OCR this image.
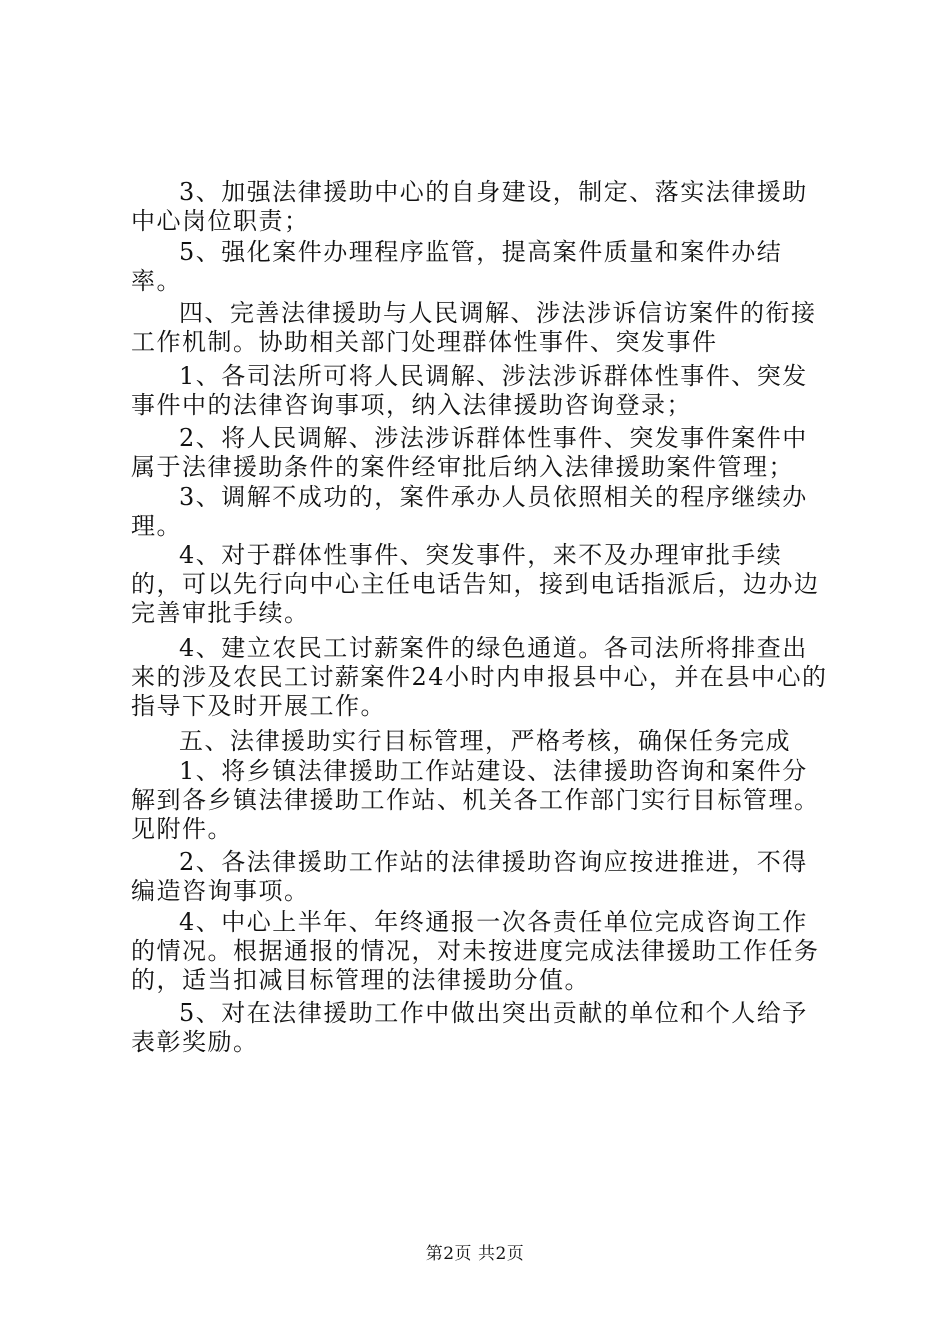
3、加强法律援助中心的自身建设，制定、落实法律援助中心岗位职责；

5、强化案件办理程序监管，提高案件质量和案件办结率。

四、完善法律援助与人民调解、涉法涉诉信访案件的衔接工作机制。协助相关部门处理群体性事件、突发事件

1、各司法所可将人民调解、涉法涉诉群体性事件、突发事件中的法律咨询事项，纳入法律援助咨询登录；

2、将人民调解、涉法涉诉群体性事件、突发事件案件中属于法律援助条件的案件经审批后纳入法律援助案件管理；

3、调解不成功的，案件承办人员依照相关的程序继续办理。

4、对于群体性事件、突发事件，来不及办理审批手续的，可以先行向中心主任电话告知，接到电话指派后，边办边完善审批手续。

4、建立农民工讨薪案件的绿色通道。各司法所将排查出来的涉及农民工讨薪案件24小时内申报县中心，并在县中心的指导下及时开展工作。

五、法律援助实行目标管理，严格考核，确保任务完成

1、将乡镇法律援助工作站建设、法律援助咨询和案件分解到各乡镇法律援助工作站、机关各工作部门实行目标管理。见附件。

2、各法律援助工作站的法律援助咨询应按进推进，不得编造咨询事项。

4、中心上半年、年终通报一次各责任单位完成咨询工作的情况。根据通报的情况，对未按进度完成法律援助工作任务的，适当扣减目标管理的法律援助分值。

5、对在法律援助工作中做出突出贡献的单位和个人给予表彰奖励。

第2页 共2页
